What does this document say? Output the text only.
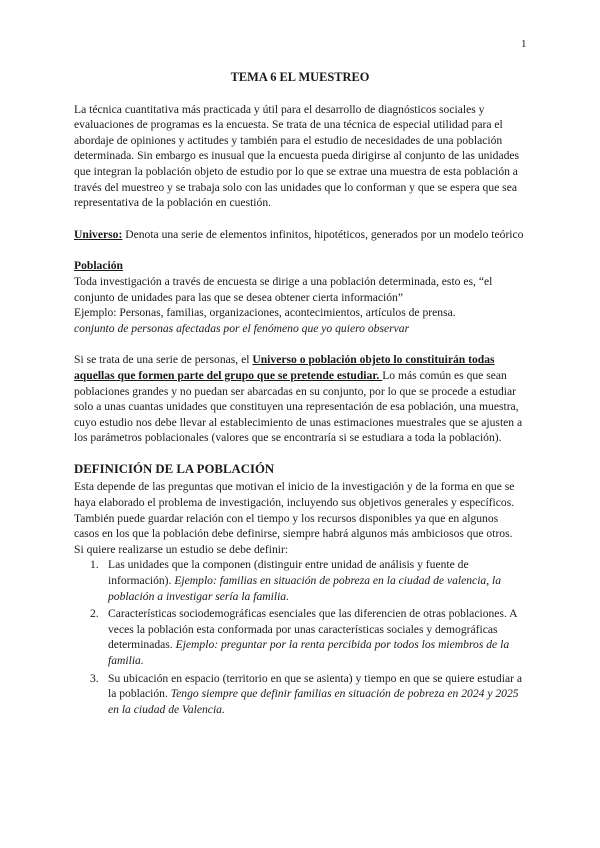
1

TEMA 6 EL MUESTREO

La técnica cuantitativa más practicada y útil para el desarrollo de diagnósticos sociales y evaluaciones de programas es la encuesta. Se trata de una técnica de especial utilidad para el abordaje de opiniones y actitudes y también para el estudio de necesidades de una población determinada. Sin embargo es inusual que la encuesta pueda dirigirse al conjunto de las unidades que integran la población objeto de estudio por lo que se extrae una muestra de esta población a través del muestreo y se trabaja solo con las unidades que lo conforman y que se espera que sea representativa de la población en cuestión.

Universo: Denota una serie de elementos infinitos, hipotéticos, generados por un modelo teórico

Población

Toda investigación a través de encuesta se dirige a una población determinada, esto es, “el conjunto de unidades para las que se desea obtener cierta información”

Ejemplo: Personas, familias, organizaciones, acontecimientos, artículos de prensa.

conjunto de personas afectadas por el fenómeno que yo quiero observar

Si se trata de una serie de personas, el Universo o población objeto lo constituirán todas aquellas que formen parte del grupo que se pretende estudiar. Lo más común es que sean poblaciones grandes y no puedan ser abarcadas en su conjunto, por lo que se procede a estudiar solo a unas cuantas unidades que constituyen una representación de esa población, una muestra, cuyo estudio nos debe llevar al establecimiento de unas estimaciones muestrales que se ajusten a los parámetros poblacionales (valores que se encontraría si se estudiara a toda la población).

DEFINICIÓN DE LA POBLACIÓN

Esta depende de las preguntas que motivan el inicio de la investigación y de la forma en que se haya elaborado el problema de investigación, incluyendo sus objetivos generales y específicos. También puede guardar relación con el tiempo y los recursos disponibles ya que en algunos casos en los que la población debe definirse, siempre habrá algunos más ambiciosos que otros.

Si quiere realizarse un estudio se debe definir:

1. Las unidades que la componen (distinguir entre unidad de análisis y fuente de información). Ejemplo: familias en situación de pobreza en la ciudad de valencia, la población a investigar sería la familia.
2. Características sociodemográficas esenciales que las diferencien de otras poblaciones. A veces la población esta conformada por unas características sociales y demográficas determinadas. Ejemplo: preguntar por la renta percibida por todos los miembros de la familia.
3. Su ubicación en espacio (territorio en que se asienta) y tiempo en que se quiere estudiar a la población. Tengo siempre que definir familias en situación de pobreza en 2024 y 2025 en la ciudad de Valencia.
